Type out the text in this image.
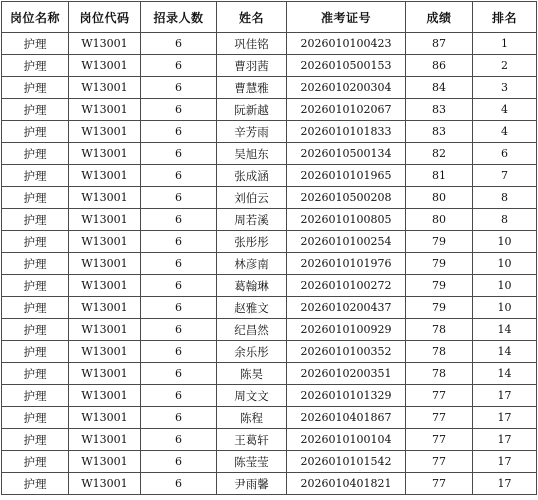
岗位名称	岗位代码	招录人数	姓名	准考证号	成绩	排名
护理	W13001	6	巩佳铭	2026010100423	87	1
护理	W13001	6	曹羽茜	2026010500153	86	2
护理	W13001	6	曹慧雅	2026010200304	84	3
护理	W13001	6	阮新越	2026010102067	83	4
护理	W13001	6	辛芳雨	2026010101833	83	4
护理	W13001	6	吴旭东	2026010500134	82	6
护理	W13001	6	张成涵	2026010101965	81	7
护理	W13001	6	刘伯云	2026010500208	80	8
护理	W13001	6	周若溪	2026010100805	80	8
护理	W13001	6	张彤彤	2026010100254	79	10
护理	W13001	6	林彦南	2026010101976	79	10
护理	W13001	6	葛翰琳	2026010100272	79	10
护理	W13001	6	赵雅文	2026010200437	79	10
护理	W13001	6	纪昌然	2026010100929	78	14
护理	W13001	6	余乐彤	2026010100352	78	14
护理	W13001	6	陈昊	2026010200351	78	14
护理	W13001	6	周文文	2026010101329	77	17
护理	W13001	6	陈程	2026010401867	77	17
护理	W13001	6	王葛轩	2026010100104	77	17
护理	W13001	6	陈莹莹	2026010101542	77	17
护理	W13001	6	尹雨馨	2026010401821	77	17
